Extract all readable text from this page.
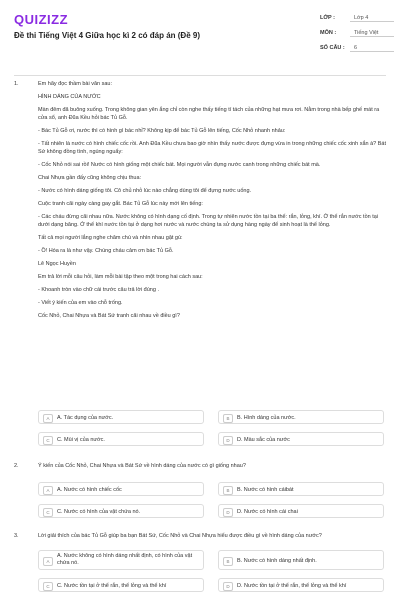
QUIZIZZ
Đề thi Tiếng Việt 4 Giữa học kì 2 có đáp án (Đề 9)
LỚP :	Lớp 4
MÔN :	Tiếng Việt
SỐ CÂU : 6
1.	Em hãy đọc thầm bài văn sau:
HÌNH DÁNG CỦA NƯỚC
Màn đêm đã buông xuống. Trong không gian yên ắng chỉ còn nghe thấy tiếng tí tách của những hạt mưa rơi. Nằm trong nhà bếp ghế mát ra cửa sổ, anh Đũa Kều hỏi bác Tủ Gỗ.
- Bác Tủ Gỗ ơi, nước thì có hình gì bác nhỉ? Không kịp để bác Tủ Gỗ lên tiếng, Cốc Nhỏ nhanh nhảu:
- Tất nhiên là nước có hình chiếc cốc rồi. Anh Đũa Kều chưa bao giờ nhìn thấy nước được đựng vừa in trong những chiếc cốc xinh xắn à? Bát Sứ không đồng tình, ngúng nguẩy:
- Cốc Nhỏ nói sai rồi! Nước có hình giống một chiếc bát. Mọi người vẫn đựng nước canh trong những chiếc bát mà.
Chai Nhựa gần đấy cũng không chịu thua:
- Nước có hình dáng giống tôi. Cô chủ nhỏ lúc nào chẳng dùng tôi để đựng nước uống.
Cuộc tranh cãi ngày càng gay gắt. Bác Tủ Gỗ lúc này mới lên tiếng:
- Các cháu đừng cãi nhau nữa. Nước không có hình dạng cố định. Trong tự nhiên nước tồn tại ba thể: rắn, lỏng, khí. Ở thể rắn nước tồn tại dưới dạng băng. Ở thể khí nước tồn tại ở dạng hơi nước và nước chúng ta sử dụng hàng ngày để sinh hoạt là thể lỏng.
Tất cả mọi người lắng nghe chăm chú và nhìn nhau gật gù:
- Ồ! Hóa ra là như vậy. Chúng cháu cảm ơn bác Tủ Gỗ.
Lê Ngọc Huyền
Em trả lời mỗi câu hỏi, làm mỗi bài tập theo một trong hai cách sau:
- Khoanh tròn vào chữ cái trước câu trả lời đúng .
- Viết ý kiến của em vào chỗ trống.
Cốc Nhỏ, Chai Nhựa và Bát Sứ tranh cãi nhau về điều gì?
A	A. Tác dụng của nước.	B	B. Hình dáng của nước.
C	C. Mùi vị của nước.	D	D. Màu sắc của nước
2.	Ý kiến của Cốc Nhỏ, Chai Nhựa và Bát Sứ về hình dáng của nước có gì giống nhau?
A	A. Nước có hình chiếc cốc	B	B. Nước có hình cáibát
C	C. Nước có hình của vật chứa nó.	D	D. Nước có hình cái chai
3.	Lời giải thích của bác Tủ Gỗ giúp ba bạn Bát Sứ, Cốc Nhỏ và Chai Nhựa hiểu được điều gì về hình dáng của nước?
A
A. Nước không có hình dáng nhất định, có hình của vật chứa nó.	B	B. Nước có hình dáng nhất định.
C	C. Nước tồn tại ở thể rắn, thể lỏng và thể khí	D	D. Nước tồn tại ở thể rắn, thể lỏng và thể khí
